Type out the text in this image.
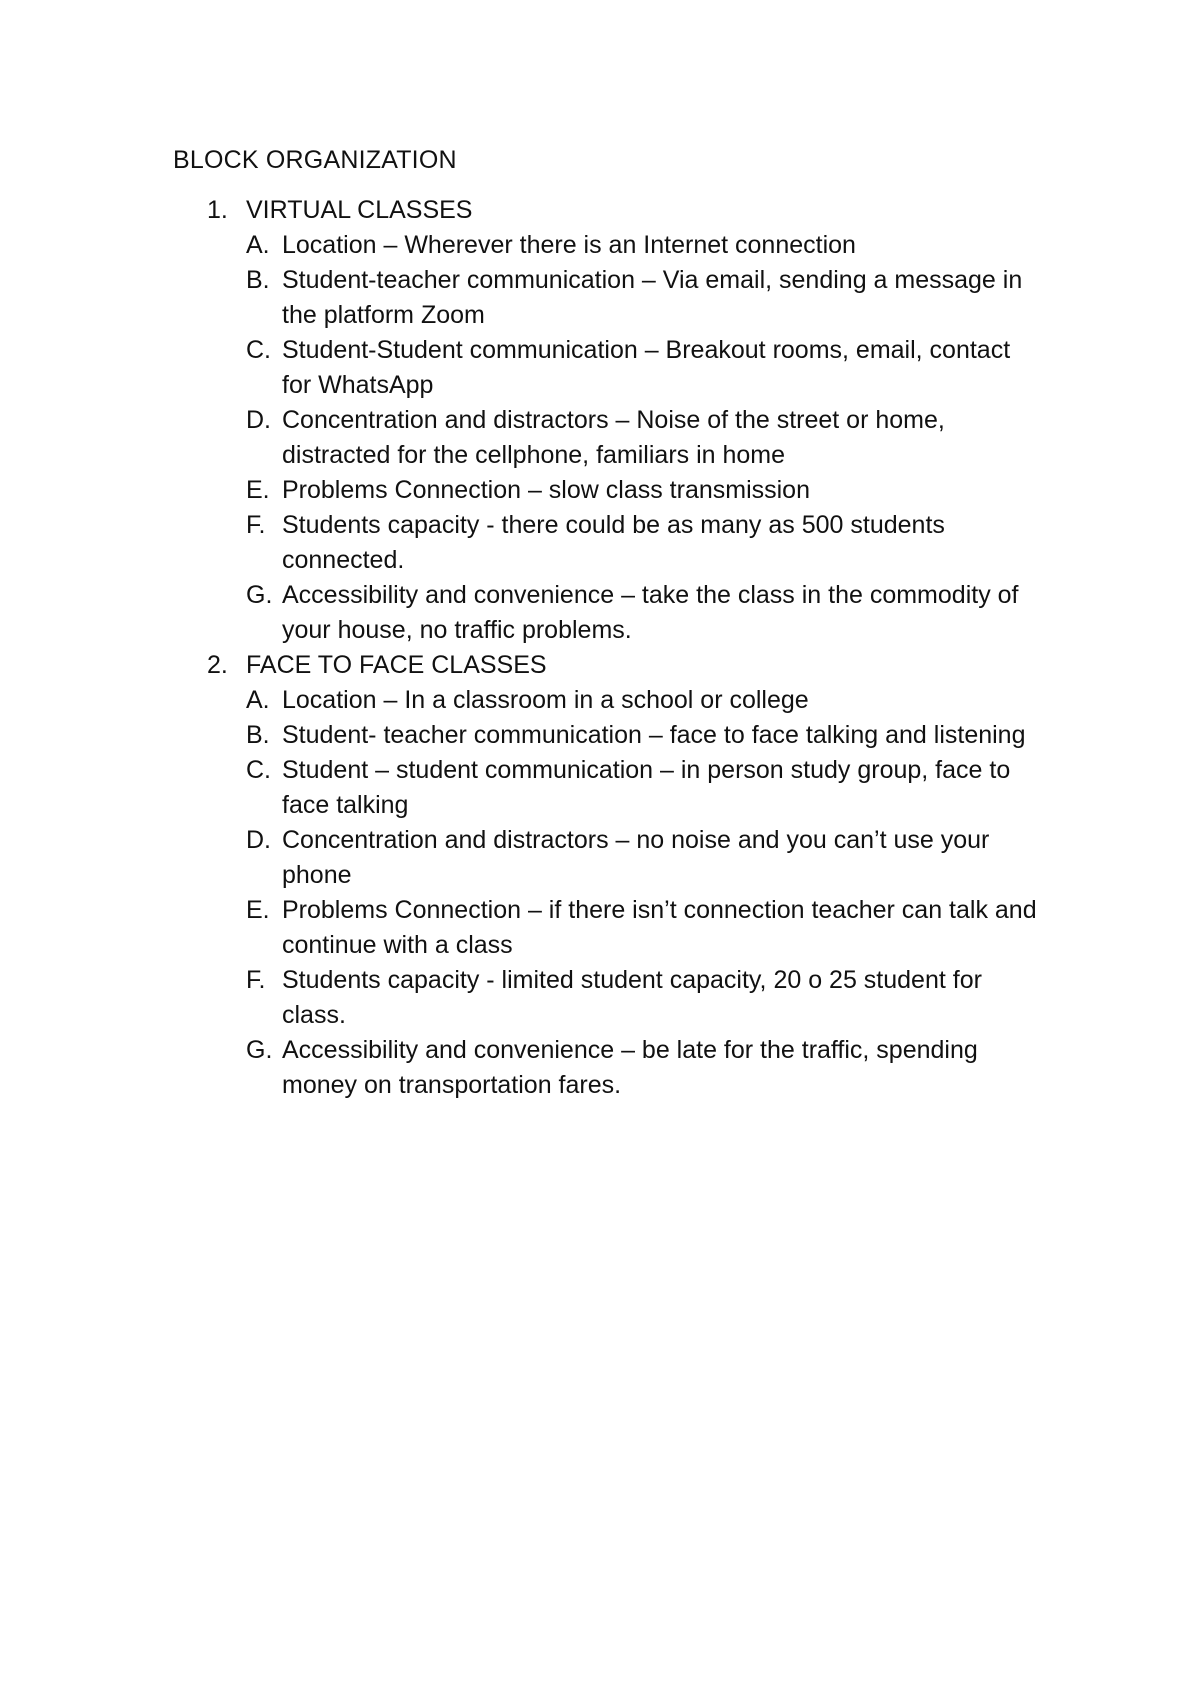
BLOCK ORGANIZATION
1. VIRTUAL CLASSES
A. Location – Wherever there is an Internet connection
B. Student-teacher communication – Via email, sending a message in the platform Zoom
C. Student-Student communication – Breakout rooms, email, contact for WhatsApp
D. Concentration and distractors – Noise of the street or home, distracted for the cellphone, familiars in home
E. Problems Connection – slow class transmission
F. Students capacity - there could be as many as 500 students connected.
G. Accessibility and convenience – take the class in the commodity of your house, no traffic problems.
2. FACE TO FACE CLASSES
A. Location – In a classroom in a school or college
B. Student- teacher communication – face to face talking and listening
C. Student – student communication – in person study group, face to face talking
D. Concentration and distractors – no noise and you can’t use your phone
E. Problems Connection – if there isn’t connection teacher can talk and continue with a class
F. Students capacity - limited student capacity, 20 o 25 student for class.
G. Accessibility and convenience – be late for the traffic, spending money on transportation fares.
